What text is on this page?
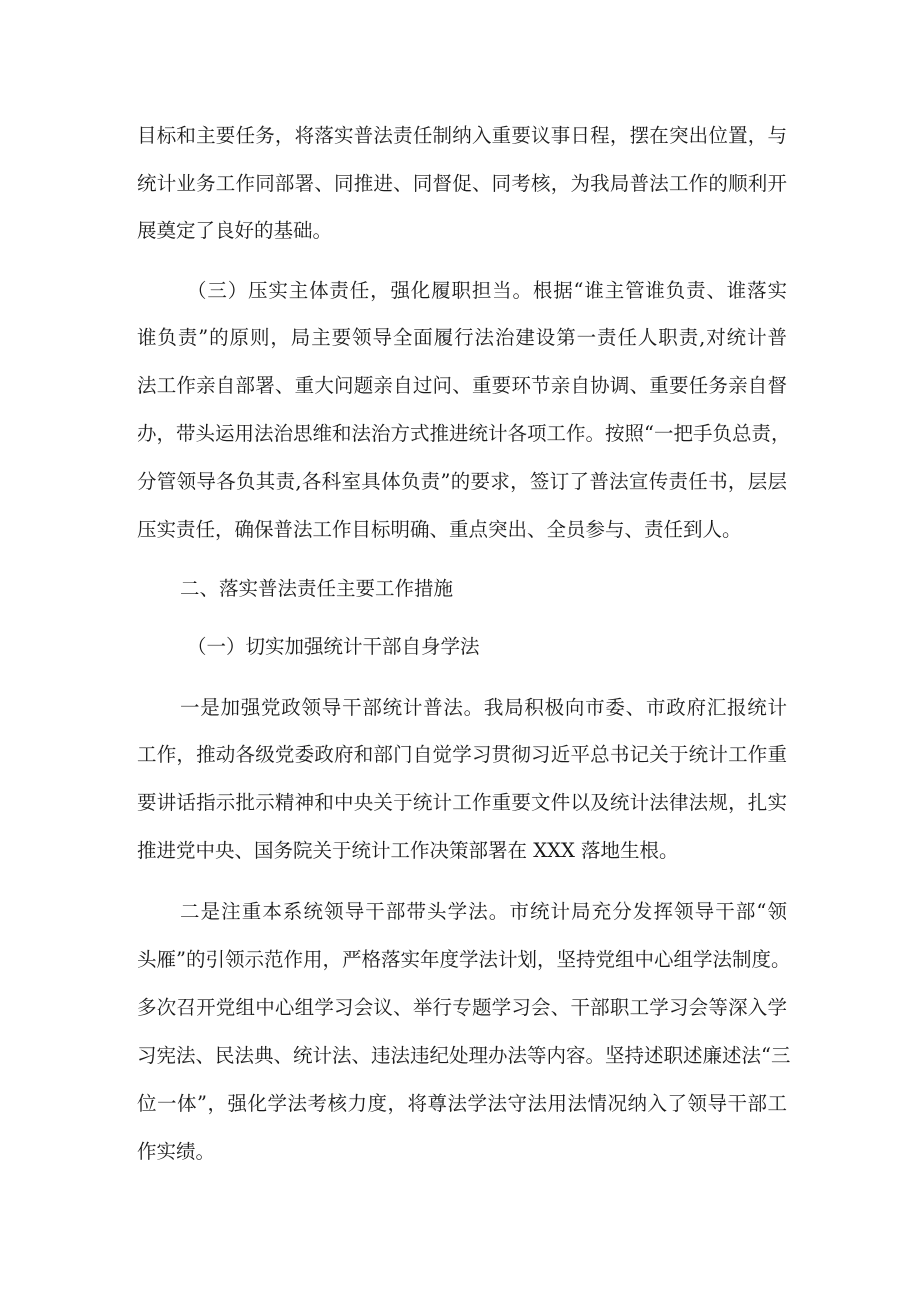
目标和主要任务，将落实普法责任制纳入重要议事日程，摆在突出位置，与
统计业务工作同部署、同推进、同督促、同考核，为我局普法工作的顺利开
展奠定了良好的基础。
（三）压实主体责任，强化履职担当。根据“谁主管谁负责、谁落实
谁负责”的原则，局主要领导全面履行法治建设第一责任人职责,对统计普
法工作亲自部署、重大问题亲自过问、重要环节亲自协调、重要任务亲自督
办，带头运用法治思维和法治方式推进统计各项工作。按照“一把手负总责，
分管领导各负其责,各科室具体负责”的要求，签订了普法宣传责任书，层层
压实责任，确保普法工作目标明确、重点突出、全员参与、责任到人。
二、落实普法责任主要工作措施
（一）切实加强统计干部自身学法
一是加强党政领导干部统计普法。我局积极向市委、市政府汇报统计
工作，推动各级党委政府和部门自觉学习贯彻习近平总书记关于统计工作重
要讲话指示批示精神和中央关于统计工作重要文件以及统计法律法规，扎实
推进党中央、国务院关于统计工作决策部署在 XXX 落地生根。
二是注重本系统领导干部带头学法。市统计局充分发挥领导干部“领
头雁”的引领示范作用，严格落实年度学法计划，坚持党组中心组学法制度。
多次召开党组中心组学习会议、举行专题学习会、干部职工学习会等深入学
习宪法、民法典、统计法、违法违纪处理办法等内容。坚持述职述廉述法“三
位一体”，强化学法考核力度，将尊法学法守法用法情况纳入了领导干部工
作实绩。
